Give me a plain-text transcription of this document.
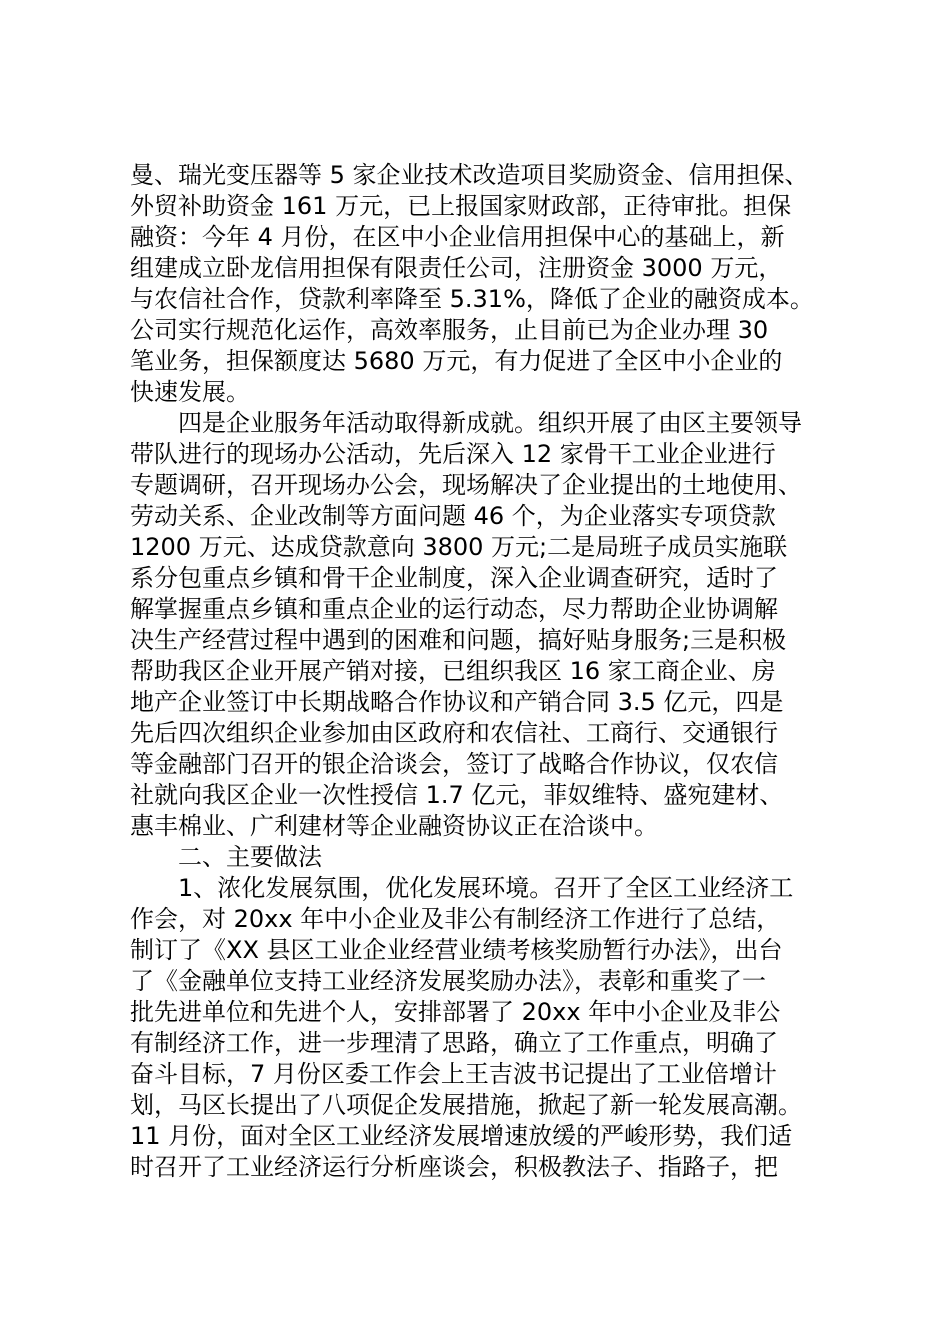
曼、瑞光变压器等 5 家企业技术改造项目奖励资金、信用担保、
外贸补助资金 161 万元，已上报国家财政部，正待审批。担保
融资：今年 4 月份，在区中小企业信用担保中心的基础上，新
组建成立卧龙信用担保有限责任公司，注册资金 3000 万元，
与农信社合作，贷款利率降至 5.31%，降低了企业的融资成本。
公司实行规范化运作，高效率服务，止目前已为企业办理 30
笔业务，担保额度达 5680 万元，有力促进了全区中小企业的
快速发展。
　　四是企业服务年活动取得新成就。组织开展了由区主要领导
带队进行的现场办公活动，先后深入 12 家骨干工业企业进行
专题调研，召开现场办公会，现场解决了企业提出的土地使用、
劳动关系、企业改制等方面问题 46 个，为企业落实专项贷款
1200 万元、达成贷款意向 3800 万元;二是局班子成员实施联
系分包重点乡镇和骨干企业制度，深入企业调查研究，适时了
解掌握重点乡镇和重点企业的运行动态，尽力帮助企业协调解
决生产经营过程中遇到的困难和问题，搞好贴身服务;三是积极
帮助我区企业开展产销对接，已组织我区 16 家工商企业、房
地产企业签订中长期战略合作协议和产销合同 3.5 亿元，四是
先后四次组织企业参加由区政府和农信社、工商行、交通银行
等金融部门召开的银企洽谈会，签订了战略合作协议，仅农信
社就向我区企业一次性授信 1.7 亿元，菲奴维特、盛宛建材、
惠丰棉业、广利建材等企业融资协议正在洽谈中。
　　二、主要做法
　　1、浓化发展氛围，优化发展环境。召开了全区工业经济工
作会，对 20xx 年中小企业及非公有制经济工作进行了总结，
制订了《XX 县区工业企业经营业绩考核奖励暂行办法》，出台
了《金融单位支持工业经济发展奖励办法》，表彰和重奖了一
批先进单位和先进个人，安排部署了 20xx 年中小企业及非公
有制经济工作，进一步理清了思路，确立了工作重点，明确了
奋斗目标，7 月份区委工作会上王吉波书记提出了工业倍增计
划，马区长提出了八项促企发展措施，掀起了新一轮发展高潮。
11 月份，面对全区工业经济发展增速放缓的严峻形势，我们适
时召开了工业经济运行分析座谈会，积极教法子、指路子，把
